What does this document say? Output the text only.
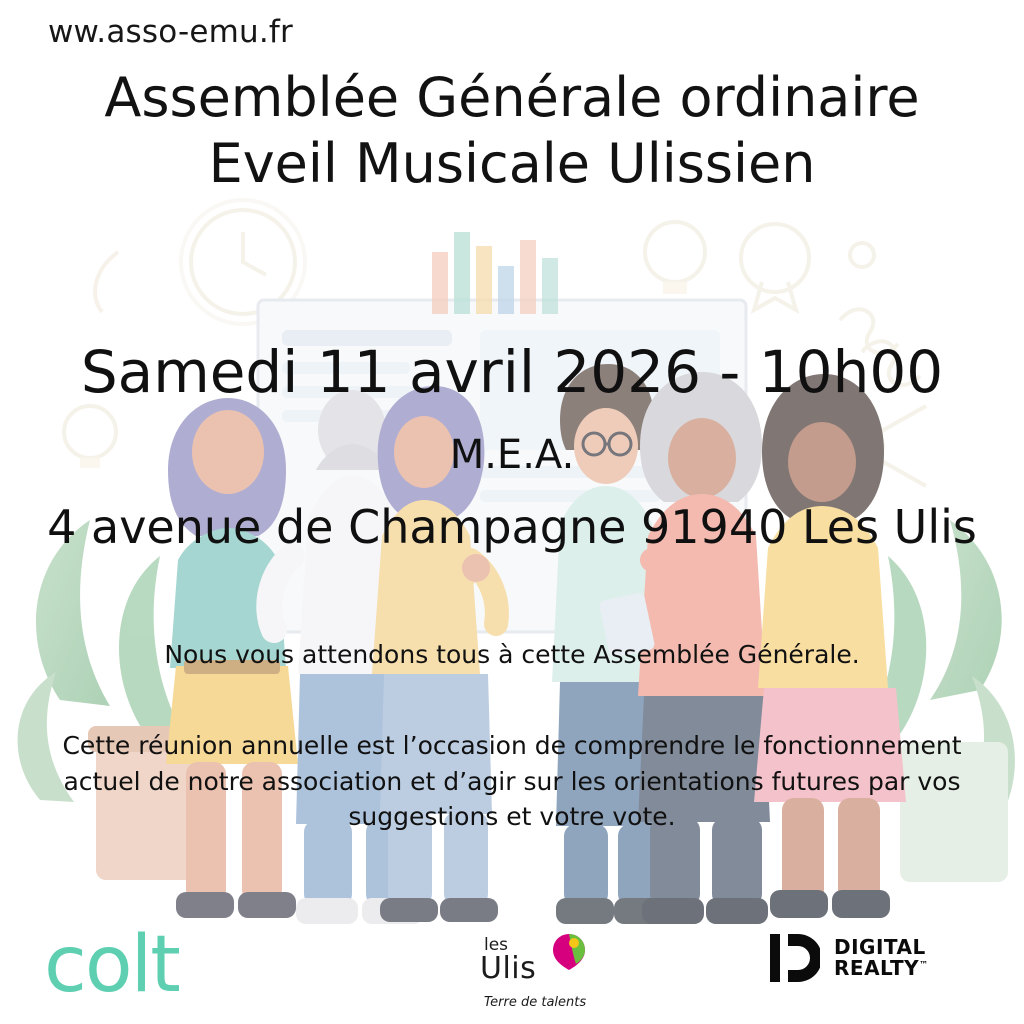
ww.asso-emu.fr
Assemblée Générale ordinaire
Eveil Musicale Ulissien
Samedi 11 avril 2026 - 10h00
M.E.A.
4 avenue de Champagne 91940 Les Ulis
Nous vous attendons tous à cette Assemblée Générale.
Cette réunion annuelle est l’occasion de comprendre le fonctionnement actuel de notre association et d’agir sur les orientations futures par vos suggestions et votre vote.
colt	les
Ulis
Terre de talents
DIGITAL
REALTY™
